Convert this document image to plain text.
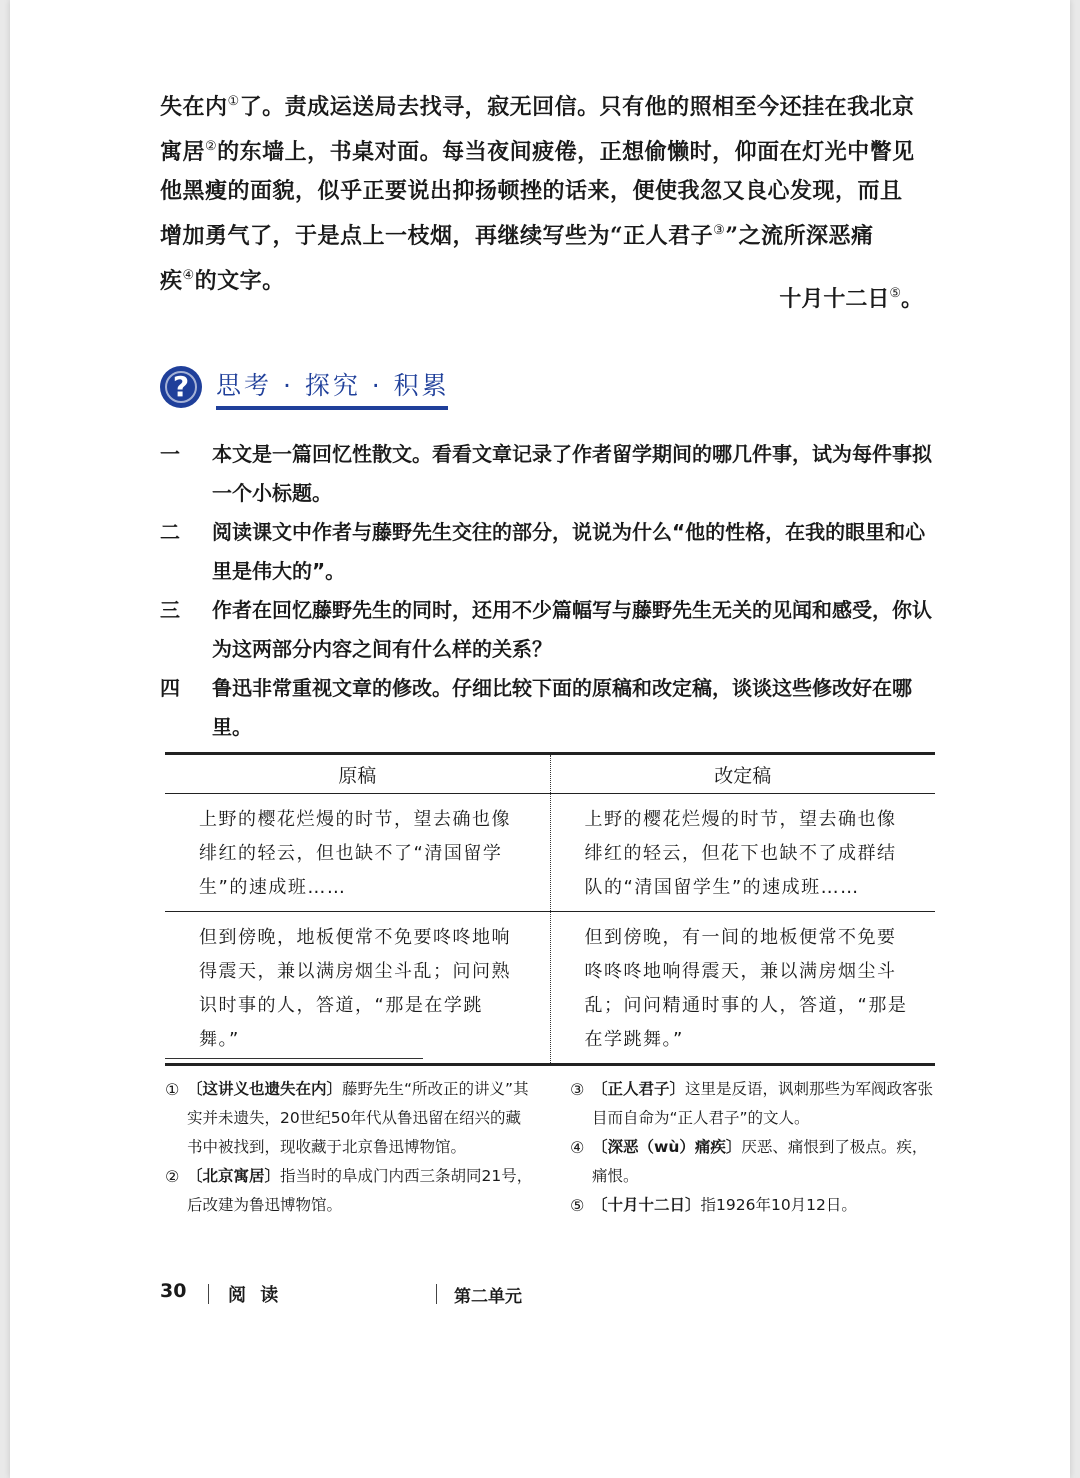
失在内①了。责成运送局去找寻，寂无回信。只有他的照相至今还挂在我北京
寓居②的东墙上，书桌对面。每当夜间疲倦，正想偷懒时，仰面在灯光中瞥见
他黑瘦的面貌，似乎正要说出抑扬顿挫的话来，便使我忽又良心发现，而且
增加勇气了，于是点上一枝烟，再继续写些为“正人君子③”之流所深恶痛
疾④的文字。
十月十二日⑤。
?	思考 · 探究 · 积累
一	本文是一篇回忆性散文。看看文章记录了作者留学期间的哪几件事，试为每件事拟一个小标题。
二	阅读课文中作者与藤野先生交往的部分，说说为什么“他的性格，在我的眼里和心里是伟大的”。
三	作者在回忆藤野先生的同时，还用不少篇幅写与藤野先生无关的见闻和感受，你认为这两部分内容之间有什么样的关系？
四	鲁迅非常重视文章的修改。仔细比较下面的原稿和改定稿，谈谈这些修改好在哪里。
原稿	改定稿
上野的樱花烂熳的时节，望去确也像绯红的轻云，但也缺不了“清国留学生”的速成班……	上野的樱花烂熳的时节，望去确也像绯红的轻云，但花下也缺不了成群结队的“清国留学生”的速成班……
但到傍晚，地板便常不免要咚咚地响得震天，兼以满房烟尘斗乱；问问熟识时事的人，答道，“那是在学跳舞。”	但到傍晚，有一间的地板便常不免要咚咚咚地响得震天，兼以满房烟尘斗乱；问问精通时事的人，答道，“那是在学跳舞。”
① 〔这讲义也遗失在内〕藤野先生“所改正的讲义”其实并未遗失，20世纪50年代从鲁迅留在绍兴的藏书中被找到，现收藏于北京鲁迅博物馆。
② 〔北京寓居〕指当时的阜成门内西三条胡同21号，后改建为鲁迅博物馆。
③ 〔正人君子〕这里是反语，讽刺那些为军阀政客张目而自命为“正人君子”的文人。
④ 〔深恶（wù）痛疾〕厌恶、痛恨到了极点。疾，痛恨。
⑤ 〔十月十二日〕指1926年10月12日。
30 阅 读	第二单元
